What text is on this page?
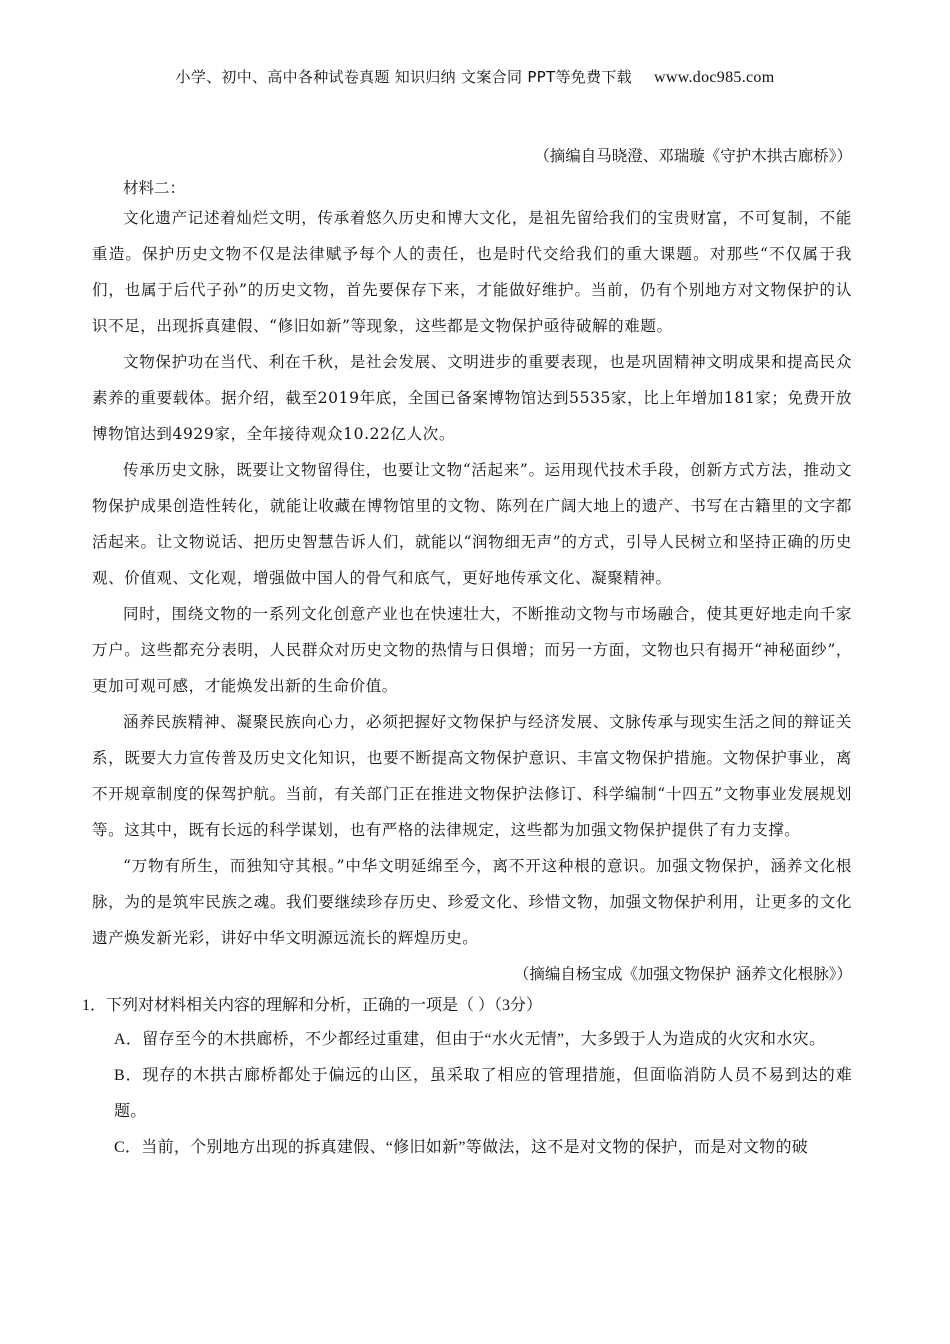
小学、初中、高中各种试卷真题 知识归纳 文案合同 PPT等免费下载 www.doc985.com
（摘编自马晓澄、邓瑞璇《守护木拱古廊桥》）
材料二：

文化遗产记述着灿烂文明，传承着悠久历史和博大文化，是祖先留给我们的宝贵财富，不可复制，不能重造。保护历史文物不仅是法律赋予每个人的责任，也是时代交给我们的重大课题。对那些“不仅属于我们，也属于后代子孙”的历史文物，首先要保存下来，才能做好维护。当前，仍有个别地方对文物保护的认识不足，出现拆真建假、“修旧如新”等现象，这些都是文物保护亟待破解的难题。

文物保护功在当代、利在千秋，是社会发展、文明进步的重要表现，也是巩固精神文明成果和提高民众素养的重要载体。据介绍，截至2019年底，全国已备案博物馆达到5535家，比上年增加181家；免费开放博物馆达到4929家，全年接待观众10.22亿人次。

传承历史文脉，既要让文物留得住，也要让文物“活起来”。运用现代技术手段，创新方式方法，推动文物保护成果创造性转化，就能让收藏在博物馆里的文物、陈列在广阔大地上的遗产、书写在古籍里的文字都活起来。让文物说话、把历史智慧告诉人们，就能以“润物细无声”的方式，引导人民树立和坚持正确的历史观、价值观、文化观，增强做中国人的骨气和底气，更好地传承文化、凝聚精神。

同时，围绕文物的一系列文化创意产业也在快速壮大，不断推动文物与市场融合，使其更好地走向千家万户。这些都充分表明，人民群众对历史文物的热情与日俱增；而另一方面，文物也只有揭开“神秘面纱”，更加可观可感，才能焕发出新的生命价值。

涵养民族精神、凝聚民族向心力，必须把握好文物保护与经济发展、文脉传承与现实生活之间的辩证关系，既要大力宣传普及历史文化知识，也要不断提高文物保护意识、丰富文物保护措施。文物保护事业，离不开规章制度的保驾护航。当前，有关部门正在推进文物保护法修订、科学编制“十四五”文物事业发展规划等。这其中，既有长远的科学谋划，也有严格的法律规定，这些都为加强文物保护提供了有力支撑。

“万物有所生，而独知守其根。”中华文明延绵至今，离不开这种根的意识。加强文物保护，涵养文化根脉，为的是筑牢民族之魂。我们要继续珍存历史、珍爱文化、珍惜文物，加强文物保护利用，让更多的文化遗产焕发新光彩，讲好中华文明源远流长的辉煌历史。

（摘编自杨宝成《加强文物保护 涵养文化根脉》）
1．下列对材料相关内容的理解和分析，正确的一项是（ ）（3分）
A．留存至今的木拱廊桥，不少都经过重建，但由于“水火无情”，大多毁于人为造成的火灾和水灾。
B．现存的木拱古廊桥都处于偏远的山区，虽采取了相应的管理措施，但面临消防人员不易到达的难题。
C．当前，个别地方出现的拆真建假、“修旧如新”等做法，这不是对文物的保护，而是对文物的破
